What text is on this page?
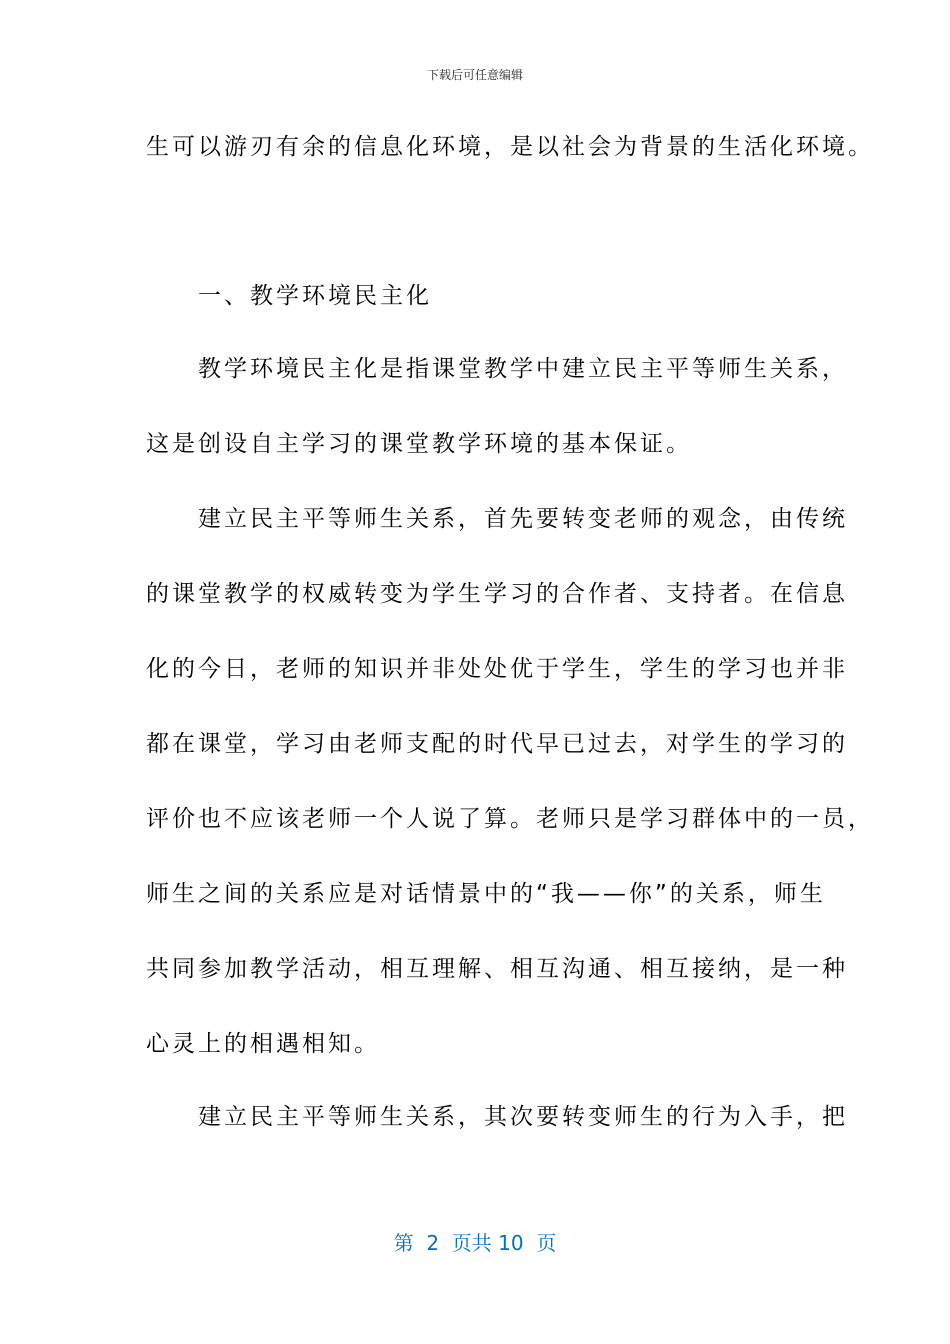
下载后可任意编辑
生可以游刃有余的信息化环境，是以社会为背景的生活化环境。
　　一、教学环境民主化
　　教学环境民主化是指课堂教学中建立民主平等师生关系，
这是创设自主学习的课堂教学环境的基本保证。
　　建立民主平等师生关系，首先要转变老师的观念，由传统
的课堂教学的权威转变为学生学习的合作者、支持者。在信息
化的今日，老师的知识并非处处优于学生，学生的学习也并非
都在课堂，学习由老师支配的时代早已过去，对学生的学习的
评价也不应该老师一个人说了算。老师只是学习群体中的一员，
师生之间的关系应是对话情景中的“我——你”的关系，师生
共同参加教学活动，相互理解、相互沟通、相互接纳，是一种
心灵上的相遇相知。
　　建立民主平等师生关系，其次要转变师生的行为入手，把
第  2  页共 10  页
